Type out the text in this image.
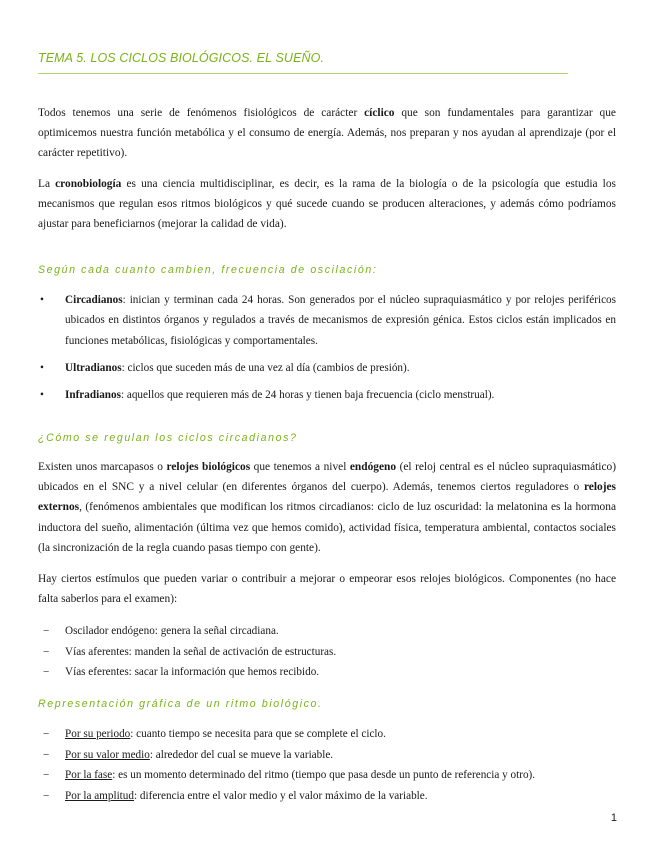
TEMA 5. LOS CICLOS BIOLÓGICOS. EL SUEÑO.

Todos tenemos una serie de fenómenos fisiológicos de carácter cíclico que son fundamentales para garantizar que optimicemos nuestra función metabólica y el consumo de energía. Además, nos preparan y nos ayudan al aprendizaje (por el carácter repetitivo).

La cronobiología es una ciencia multidisciplinar, es decir, es la rama de la biología o de la psicología que estudia los mecanismos que regulan esos ritmos biológicos y qué sucede cuando se producen alteraciones, y además cómo podríamos ajustar para beneficiarnos (mejorar la calidad de vida).

Según cada cuanto cambien, frecuencia de oscilación:
• Circadianos: inician y terminan cada 24 horas. Son generados por el núcleo supraquiasmático y por relojes periféricos ubicados en distintos órganos y regulados a través de mecanismos de expresión génica. Estos ciclos están implicados en funciones metabólicas, fisiológicas y comportamentales.
• Ultradianos: ciclos que suceden más de una vez al día (cambios de presión).
• Infradianos: aquellos que requieren más de 24 horas y tienen baja frecuencia (ciclo menstrual).
¿Cómo se regulan los ciclos circadianos?

Existen unos marcapasos o relojes biológicos que tenemos a nivel endógeno (el reloj central es el núcleo supraquiasmático) ubicados en el SNC y a nivel celular (en diferentes órganos del cuerpo). Además, tenemos ciertos reguladores o relojes externos, (fenómenos ambientales que modifican los ritmos circadianos: ciclo de luz oscuridad: la melatonina es la hormona inductora del sueño, alimentación (última vez que hemos comido), actividad física, temperatura ambiental, contactos sociales (la sincronización de la regla cuando pasas tiempo con gente).

Hay ciertos estímulos que pueden variar o contribuir a mejorar o empeorar esos relojes biológicos. Componentes (no hace falta saberlos para el examen):

− Oscilador endógeno: genera la señal circadiana.
− Vías aferentes: manden la señal de activación de estructuras.
− Vías eferentes: sacar la información que hemos recibido.
Representación gráfica de un ritmo biológico.
− Por su periodo: cuanto tiempo se necesita para que se complete el ciclo.
− Por su valor medio: alrededor del cual se mueve la variable.
− Por la fase: es un momento determinado del ritmo (tiempo que pasa desde un punto de referencia y otro).
− Por la amplitud: diferencia entre el valor medio y el valor máximo de la variable.
1
